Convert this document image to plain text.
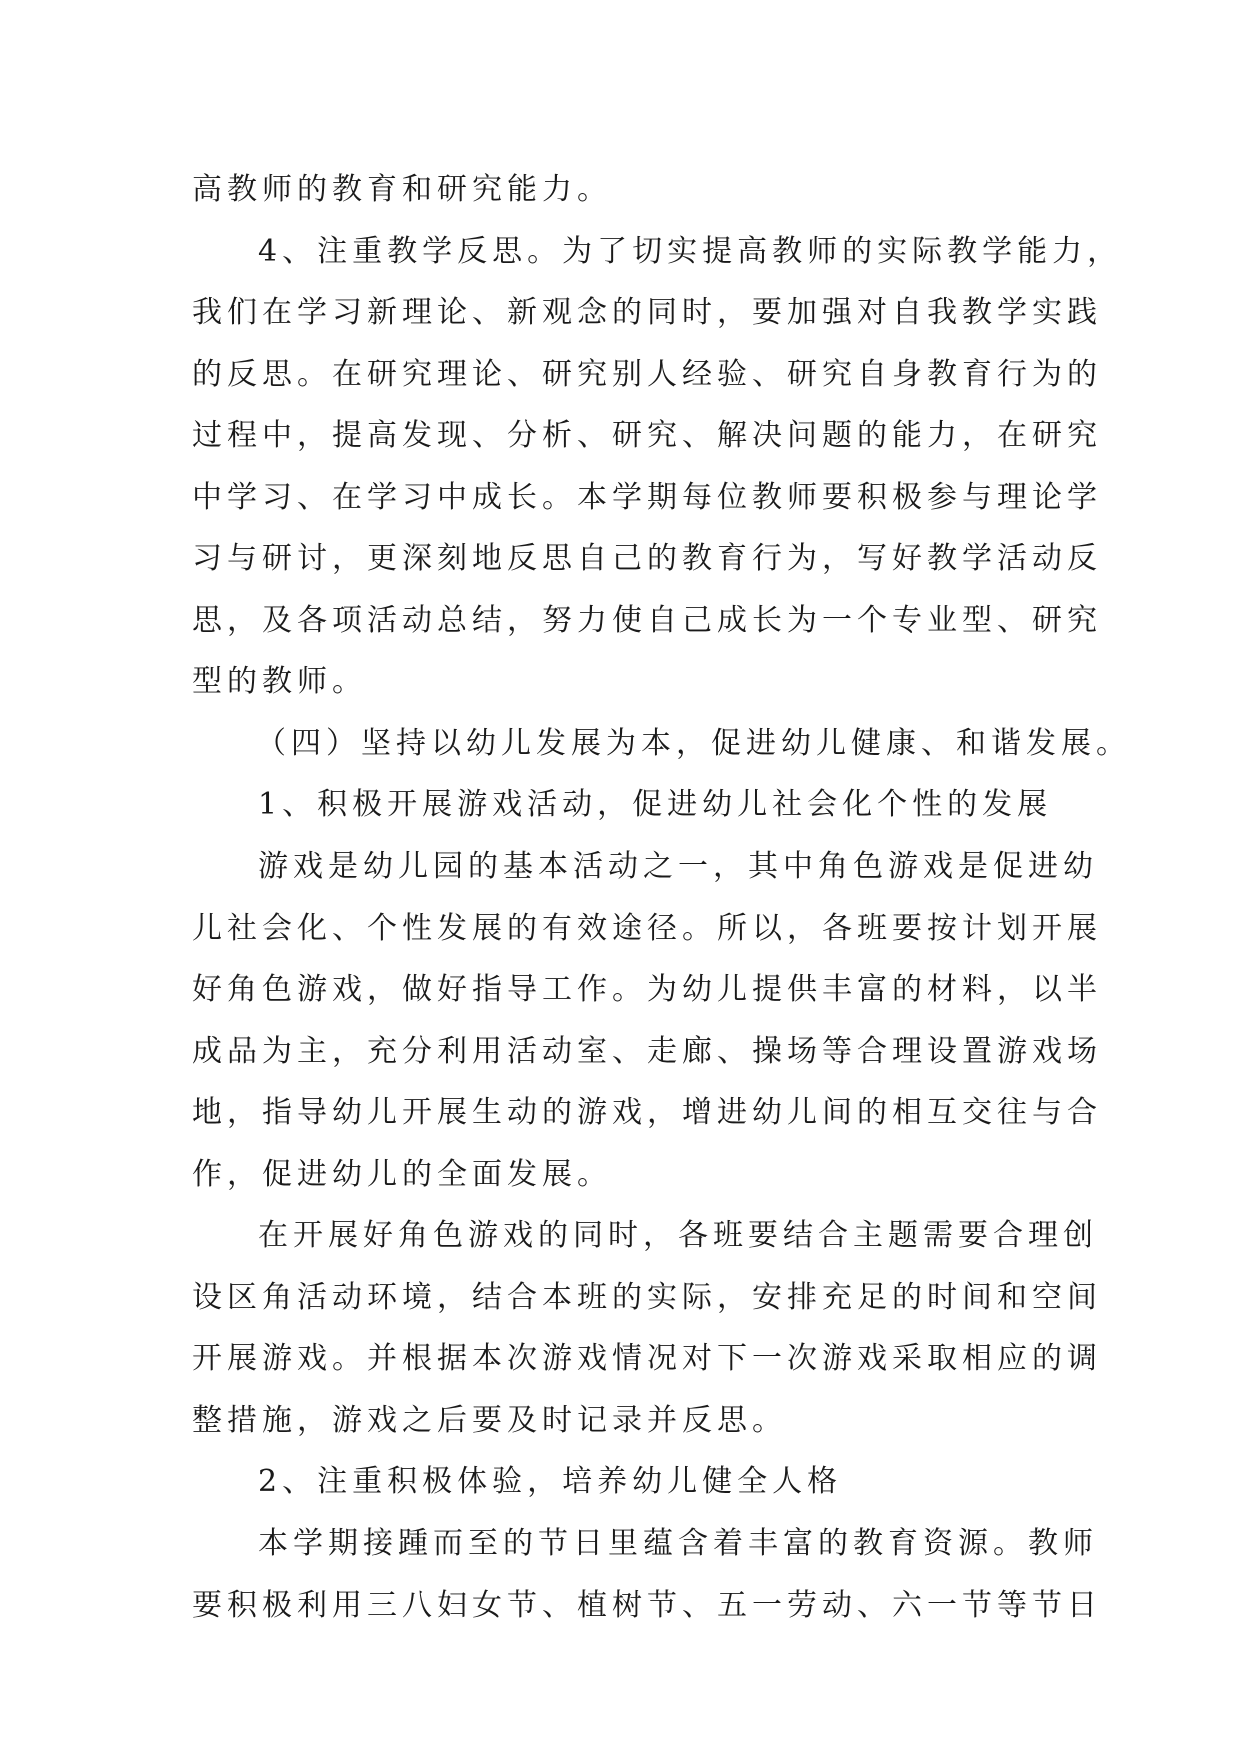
高教师的教育和研究能力。
4、注重教学反思。为了切实提高教师的实际教学能力，
我们在学习新理论、新观念的同时，要加强对自我教学实践
的反思。在研究理论、研究别人经验、研究自身教育行为的
过程中，提高发现、分析、研究、解决问题的能力，在研究
中学习、在学习中成长。本学期每位教师要积极参与理论学
习与研讨，更深刻地反思自己的教育行为，写好教学活动反
思，及各项活动总结，努力使自己成长为一个专业型、研究
型的教师。
（四）坚持以幼儿发展为本，促进幼儿健康、和谐发展。
1、积极开展游戏活动，促进幼儿社会化个性的发展
游戏是幼儿园的基本活动之一，其中角色游戏是促进幼
儿社会化、个性发展的有效途径。所以，各班要按计划开展
好角色游戏，做好指导工作。为幼儿提供丰富的材料，以半
成品为主，充分利用活动室、走廊、操场等合理设置游戏场
地，指导幼儿开展生动的游戏，增进幼儿间的相互交往与合
作，促进幼儿的全面发展。
在开展好角色游戏的同时，各班要结合主题需要合理创
设区角活动环境，结合本班的实际，安排充足的时间和空间
开展游戏。并根据本次游戏情况对下一次游戏采取相应的调
整措施，游戏之后要及时记录并反思。
2、注重积极体验，培养幼儿健全人格
本学期接踵而至的节日里蕴含着丰富的教育资源。教师
要积极利用三八妇女节、植树节、五一劳动、六一节等节日
